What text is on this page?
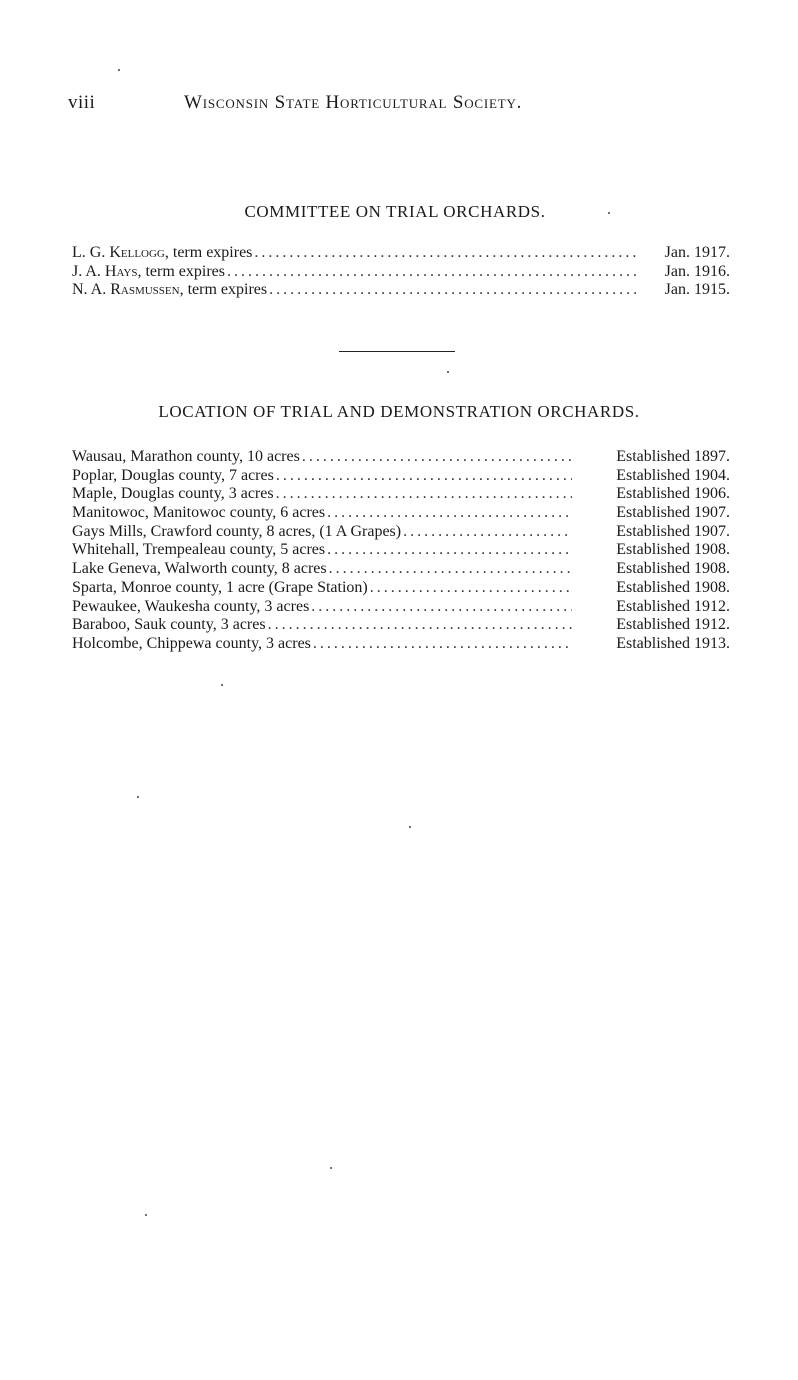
viii	Wisconsin State Horticultural Society.
COMMITTEE ON TRIAL ORCHARDS.
L. G. Kellogg, term expires .....	Jan. 1917.
J. A. Hays, term expires .....	Jan. 1916.
N. A. Rasmussen, term expires .....	Jan. 1915.
LOCATION OF TRIAL AND DEMONSTRATION ORCHARDS.
Wausau, Marathon county, 10 acres .....	Established 1897.
Poplar, Douglas county, 7 acres .....	Established 1904.
Maple, Douglas county, 3 acres .....	Established 1906.
Manitowoc, Manitowoc county, 6 acres .....	Established 1907.
Gays Mills, Crawford county, 8 acres, (1 A Grapes) .....	Established 1907.
Whitehall, Trempealeau county, 5 acres .....	Established 1908.
Lake Geneva, Walworth county, 8 acres .....	Established 1908.
Sparta, Monroe county, 1 acre (Grape Station) .....	Established 1908.
Pewaukee, Waukesha county, 3 acres .....	Established 1912.
Baraboo, Sauk county, 3 acres .....	Established 1912.
Holcombe, Chippewa county, 3 acres .....	Established 1913.
